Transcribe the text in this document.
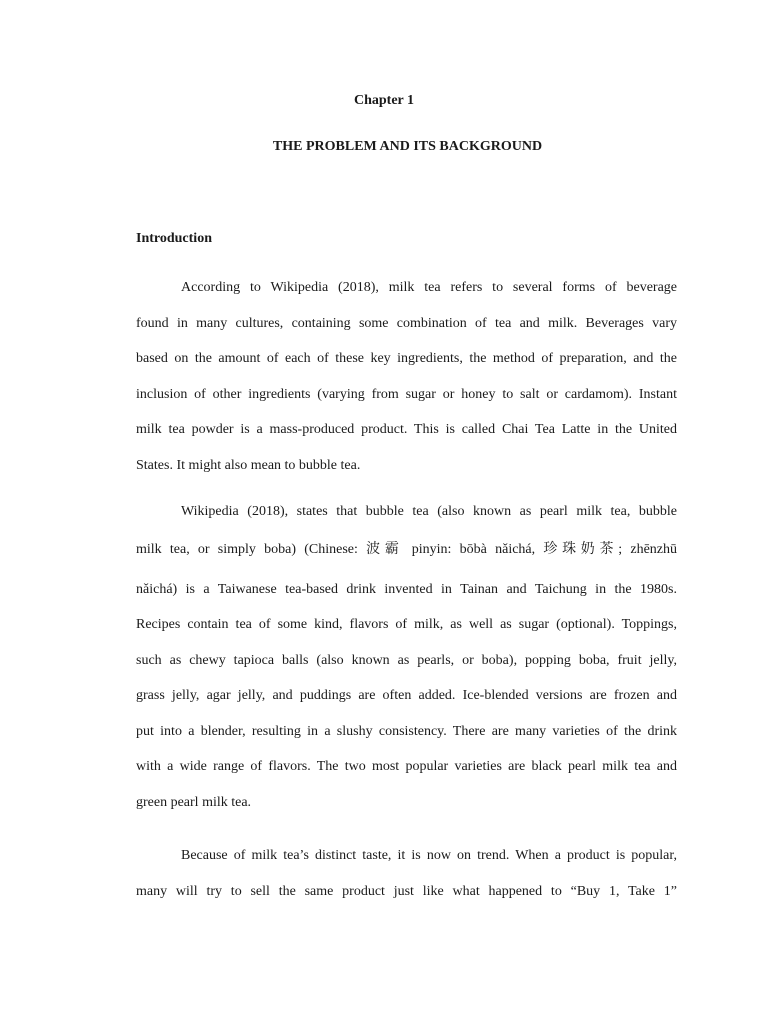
Chapter 1

THE PROBLEM AND ITS BACKGROUND

Introduction

According to Wikipedia (2018), milk tea refers to several forms of beverage
found in many cultures, containing some combination of tea and milk. Beverages vary
based on the amount of each of these key ingredients, the method of preparation, and the
inclusion of other ingredients (varying from sugar or honey to salt or cardamom). Instant
milk tea powder is a mass-produced product. This is called Chai Tea Latte in the United
States. It might also mean to bubble tea.
Wikipedia (2018), states that bubble tea (also known as pearl milk tea, bubble
milk tea, or simply boba) (Chinese: 波霸 pinyin: bōbà nǎichá, 珍珠奶茶; zhēnzhū
nǎichá) is a Taiwanese tea-based drink invented in Tainan and Taichung in the 1980s.
Recipes contain tea of some kind, flavors of milk, as well as sugar (optional). Toppings,
such as chewy tapioca balls (also known as pearls, or boba), popping boba, fruit jelly,
grass jelly, agar jelly, and puddings are often added. Ice-blended versions are frozen and
put into a blender, resulting in a slushy consistency. There are many varieties of the drink
with a wide range of flavors. The two most popular varieties are black pearl milk tea and
green pearl milk tea.
Because of milk tea’s distinct taste, it is now on trend. When a product is popular,
many will try to sell the same product just like what happened to “Buy 1, Take 1”
